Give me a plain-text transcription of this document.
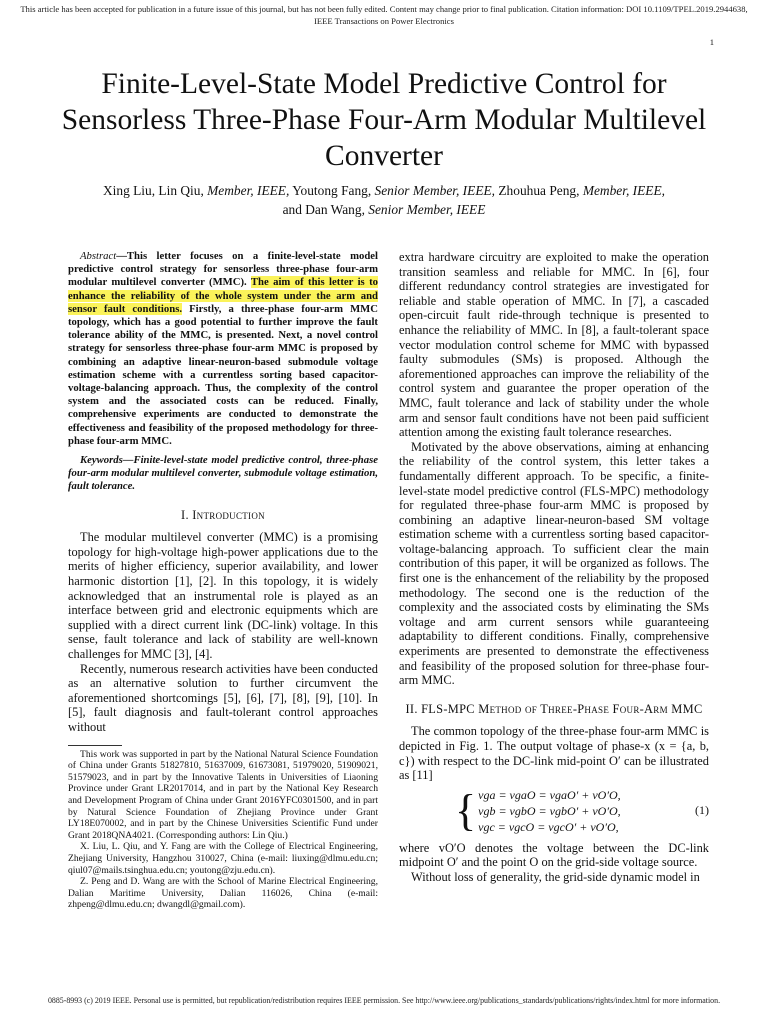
This article has been accepted for publication in a future issue of this journal, but has not been fully edited. Content may change prior to final publication. Citation information: DOI 10.1109/TPEL.2019.2944638, IEEE Transactions on Power Electronics
1
Finite-Level-State Model Predictive Control for Sensorless Three-Phase Four-Arm Modular Multilevel Converter
Xing Liu, Lin Qiu, Member, IEEE, Youtong Fang, Senior Member, IEEE, Zhouhua Peng, Member, IEEE,
and Dan Wang, Senior Member, IEEE

Abstract—This letter focuses on a finite-level-state model predictive control strategy for sensorless three-phase four-arm modular multilevel converter (MMC). The aim of this letter is to enhance the reliability of the whole system under the arm and sensor fault conditions. Firstly, a three-phase four-arm MMC topology, which has a good potential to further improve the fault tolerance ability of the MMC, is presented. Next, a novel control strategy for sensorless three-phase four-arm MMC is proposed by combining an adaptive linear-neuron-based submodule voltage estimation scheme with a currentless sorting based capacitor-voltage-balancing approach. Thus, the complexity of the control system and the associated costs can be reduced. Finally, comprehensive experiments are conducted to demonstrate the effectiveness and feasibility of the proposed methodology for three-phase four-arm MMC.

Keywords—Finite-level-state model predictive control, three-phase four-arm modular multilevel converter, submodule voltage estimation, fault tolerance.

I. Introduction

The modular multilevel converter (MMC) is a promising topology for high-voltage high-power applications due to the merits of higher efficiency, superior availability, and lower harmonic distortion [1], [2]. In this topology, it is widely acknowledged that an instrumental role is played as an interface between grid and electronic equipments which are supplied with a direct current link (DC-link) voltage. In this sense, fault tolerance and lack of stability are well-known challenges for MMC [3], [4].

Recently, numerous research activities have been conducted as an alternative solution to further circumvent the aforementioned shortcomings [5], [6], [7], [8], [9], [10]. In [5], fault diagnosis and fault-tolerant control approaches without

This work was supported in part by the National Natural Science Foundation of China under Grants 51827810, 51637009, 61673081, 51979020, 51909021, 51579023, and in part by the Innovative Talents in Universities of Liaoning Province under Grant LR2017014, and in part by the National Key Research and Development Program of China under Grant 2016YFC0301500, and in part by Natural Science Foundation of Zhejiang Province under Grant LY18E070002, and in part by the Chinese Universities Scientific Fund under Grant 2018QNA4021. (Corresponding authors: Lin Qiu.)

X. Liu, L. Qiu, and Y. Fang are with the College of Electrical Engineering, Zhejiang University, Hangzhou 310027, China (e-mail: liuxing@dlmu.edu.cn; qiul07@mails.tsinghua.edu.cn; youtong@zju.edu.cn).

Z. Peng and D. Wang are with the School of Marine Electrical Engineering, Dalian Maritime University, Dalian 116026, China (e-mail: zhpeng@dlmu.edu.cn; dwangdl@gmail.com).

extra hardware circuitry are exploited to make the operation transition seamless and reliable for MMC. In [6], four different redundancy control strategies are investigated for reliable and stable operation of MMC. In [7], a cascaded open-circuit fault ride-through technique is presented to enhance the reliability of MMC. In [8], a fault-tolerant space vector modulation control scheme for MMC with bypassed faulty submodules (SMs) is proposed. Although the aforementioned approaches can improve the reliability of the control system and guarantee the proper operation of the MMC, fault tolerance and lack of stability under the whole arm and sensor fault conditions have not been paid sufficient attention among the existing fault tolerance researches.

Motivated by the above observations, aiming at enhancing the reliability of the control system, this letter takes a fundamentally different approach. To be specific, a finite-level-state model predictive control (FLS-MPC) methodology for regulated three-phase four-arm MMC is proposed by combining an adaptive linear-neuron-based SM voltage estimation scheme with a currentless sorting based capacitor-voltage-balancing approach. To sufficient clear the main contribution of this paper, it will be organized as follows. The first one is the enhancement of the reliability by the proposed methodology. The second one is the reduction of the complexity and the associated costs by eliminating the SMs voltage and arm current sensors while guaranteeing adaptability to different conditions. Finally, comprehensive experiments are presented to demonstrate the effectiveness and feasibility of the proposed solution for three-phase four-arm MMC.

II. FLS-MPC Method of Three-Phase Four-Arm MMC

The common topology of the three-phase four-arm MMC is depicted in Fig. 1. The output voltage of phase-x (x = {a, b, c}) with respect to the DC-link mid-point O′ can be illustrated as [11]

{ vga = vgaO = vgaO′ + vO′O,
vgb = vgbO = vgbO′ + vO′O,
vgc = vgcO = vgcO′ + vO′O,
(1)

where vO′O denotes the voltage between the DC-link midpoint O′ and the point O on the grid-side voltage source.

Without loss of generality, the grid-side dynamic model in

0885-8993 (c) 2019 IEEE. Personal use is permitted, but republication/redistribution requires IEEE permission. See http://www.ieee.org/publications_standards/publications/rights/index.html for more information.
